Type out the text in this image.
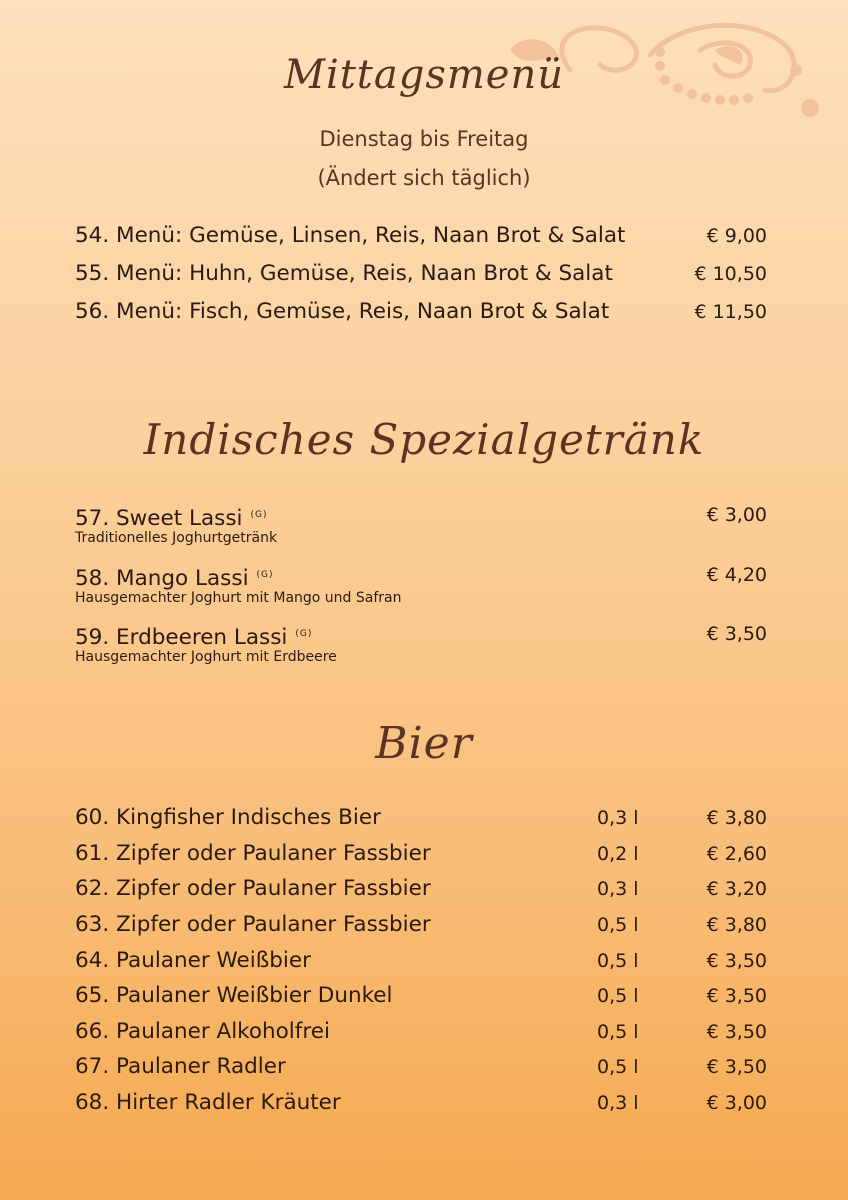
Mittagsmenü
Dienstag bis Freitag
(Ändert sich täglich)
54. Menü: Gemüse, Linsen, Reis, Naan Brot & Salat	€ 9,00
55. Menü: Huhn, Gemüse, Reis, Naan Brot & Salat	€ 10,50
56. Menü: Fisch, Gemüse, Reis, Naan Brot & Salat	€ 11,50
Indisches Spezialgetränk
57. Sweet Lassi $^{(G)}$	€ 3,00
Traditionelles Joghurtgetränk
58. Mango Lassi $^{(G)}$	€ 4,20
Hausgemachter Joghurt mit Mango und Safran
59. Erdbeeren Lassi $^{(G)}$	€ 3,50
Hausgemachter Joghurt mit Erdbeere
Bier
60. Kingfisher Indisches Bier	0,3 l	€ 3,80
61. Zipfer oder Paulaner Fassbier	0,2 l	€ 2,60
62. Zipfer oder Paulaner Fassbier	0,3 l	€ 3,20
63. Zipfer oder Paulaner Fassbier	0,5 l	€ 3,80
64. Paulaner Weißbier	0,5 l	€ 3,50
65. Paulaner Weißbier Dunkel	0,5 l	€ 3,50
66. Paulaner Alkoholfrei	0,5 l	€ 3,50
67. Paulaner Radler	0,5 l	€ 3,50
68. Hirter Radler Kräuter	0,3 l	€ 3,00
